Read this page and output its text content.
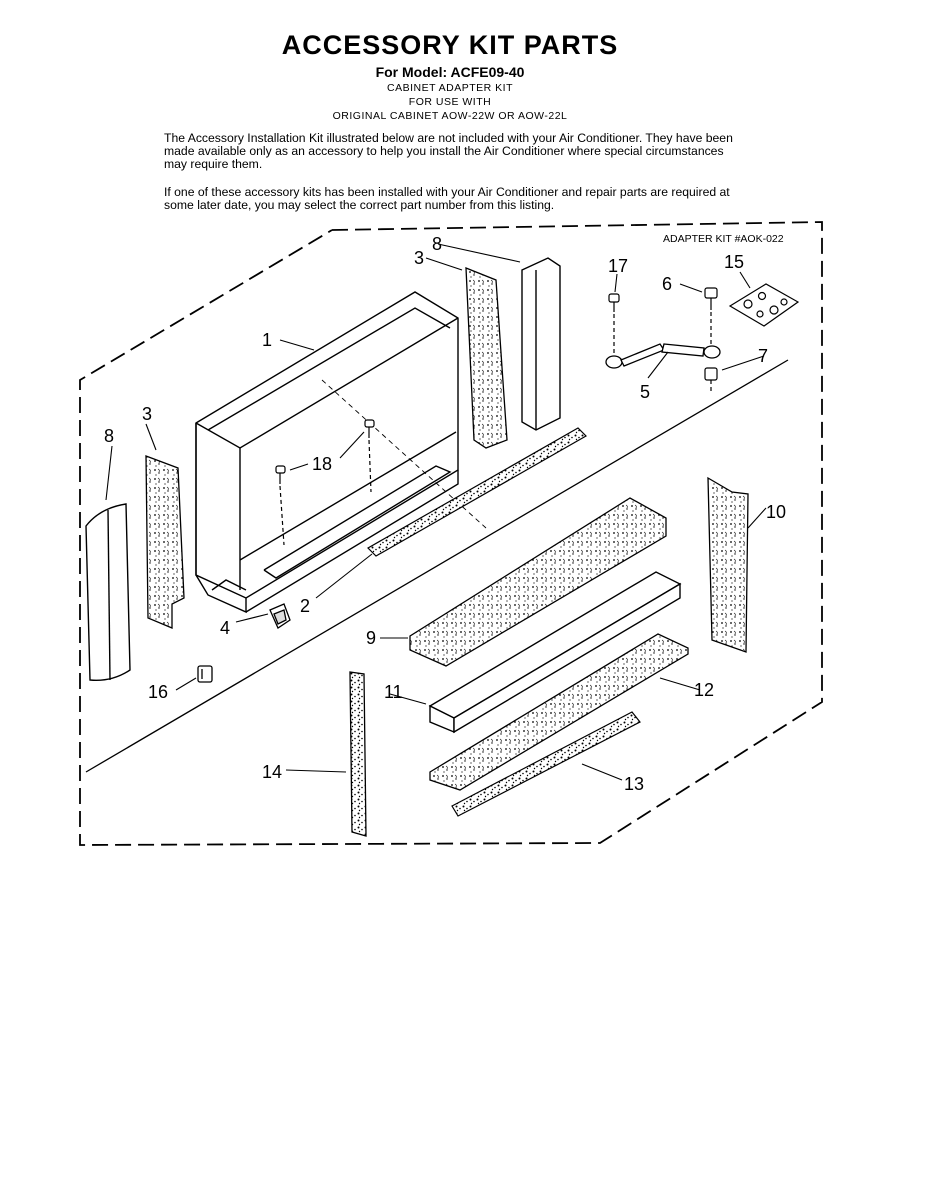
ACCESSORY KIT PARTS
For Model: ACFE09-40
CABINET ADAPTER KIT
FOR USE WITH
ORIGINAL CABINET AOW-22W OR AOW-22L

The Accessory Installation Kit illustrated below are not included with your Air Conditioner. They have been made available only as an accessory to help you install the Air Conditioner where special circumstances may require them.

If one of these accessory kits has been installed with your Air Conditioner and repair parts are required at some later date, you may select the correct part number from this listing.

ADAPTER KIT #AOK-022
1
2
3
3
4
5
6
7
8
8
9
10
11	12
13
14
15
16
17
18
